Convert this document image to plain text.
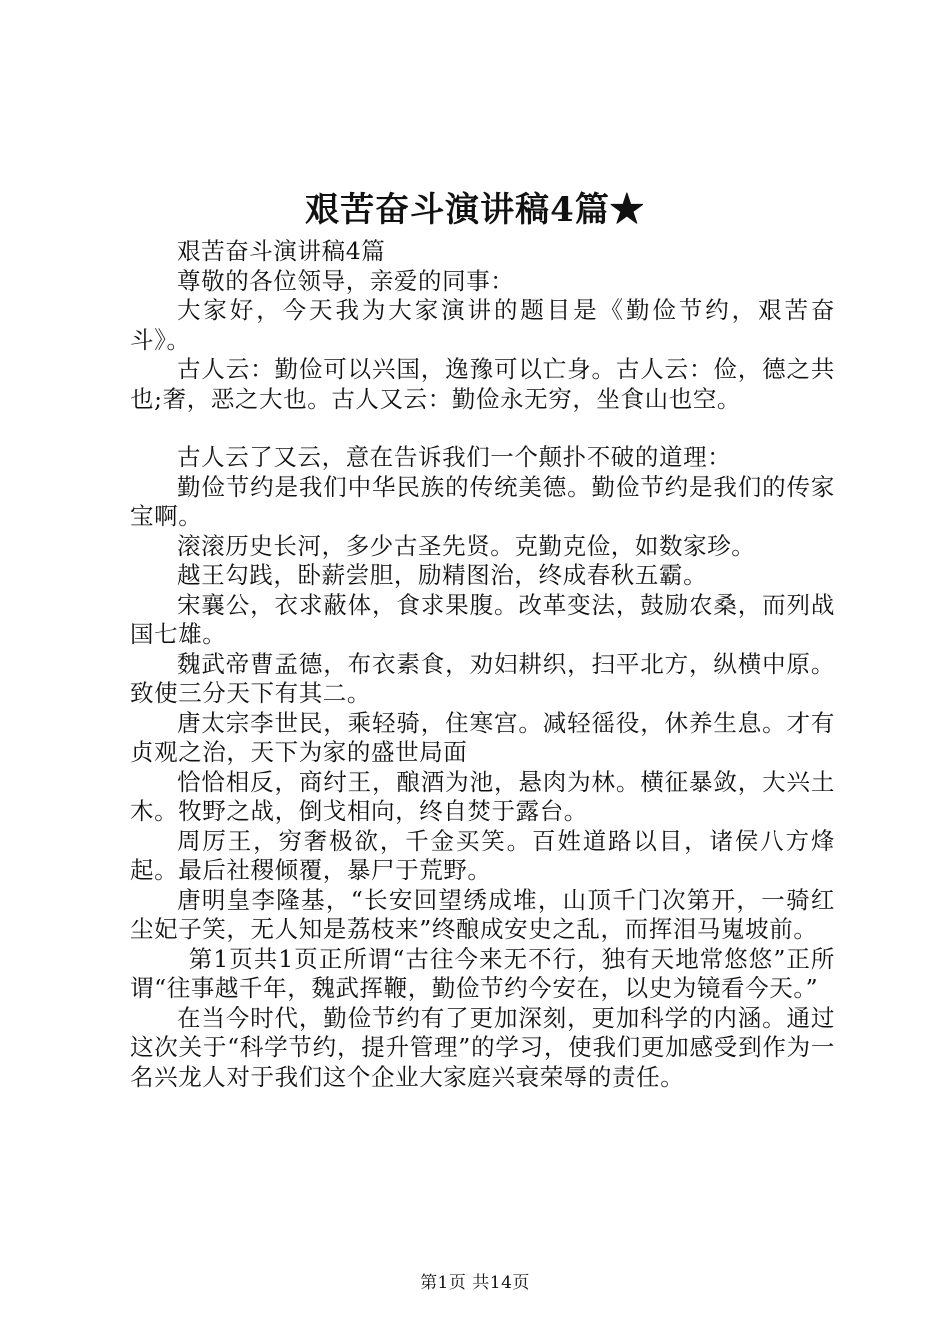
艰苦奋斗演讲稿4篇★

艰苦奋斗演讲稿4篇

尊敬的各位领导，亲爱的同事：

大家好，今天我为大家演讲的题目是《勤俭节约，艰苦奋斗》。

古人云：勤俭可以兴国，逸豫可以亡身。古人云：俭，德之共也;奢，恶之大也。古人又云：勤俭永无穷，坐食山也空。

古人云了又云，意在告诉我们一个颠扑不破的道理：

勤俭节约是我们中华民族的传统美德。勤俭节约是我们的传家宝啊。

滚滚历史长河，多少古圣先贤。克勤克俭，如数家珍。

越王勾践，卧薪尝胆，励精图治，终成春秋五霸。

宋襄公，衣求蔽体，食求果腹。改革变法，鼓励农桑，而列战国七雄。

魏武帝曹孟德，布衣素食，劝妇耕织，扫平北方，纵横中原。致使三分天下有其二。

唐太宗李世民，乘轻骑，住寒宫。减轻徭役，休养生息。才有贞观之治，天下为家的盛世局面

恰恰相反，商纣王，酿酒为池，悬肉为林。横征暴敛，大兴土木。牧野之战，倒戈相向，终自焚于露台。

周厉王，穷奢极欲，千金买笑。百姓道路以目，诸侯八方烽起。最后社稷倾覆，暴尸于荒野。

唐明皇李隆基，“长安回望绣成堆，山顶千门次第开，一骑红尘妃子笑，无人知是荔枝来”终酿成安史之乱，而挥泪马嵬坡前。

第1页共1页正所谓“古往今来无不行，独有天地常悠悠”正所谓“往事越千年，魏武挥鞭，勤俭节约今安在，以史为镜看今天。”

在当今时代，勤俭节约有了更加深刻，更加科学的内涵。通过这次关于“科学节约，提升管理”的学习，使我们更加感受到作为一名兴龙人对于我们这个企业大家庭兴衰荣辱的责任。

第1页 共14页
